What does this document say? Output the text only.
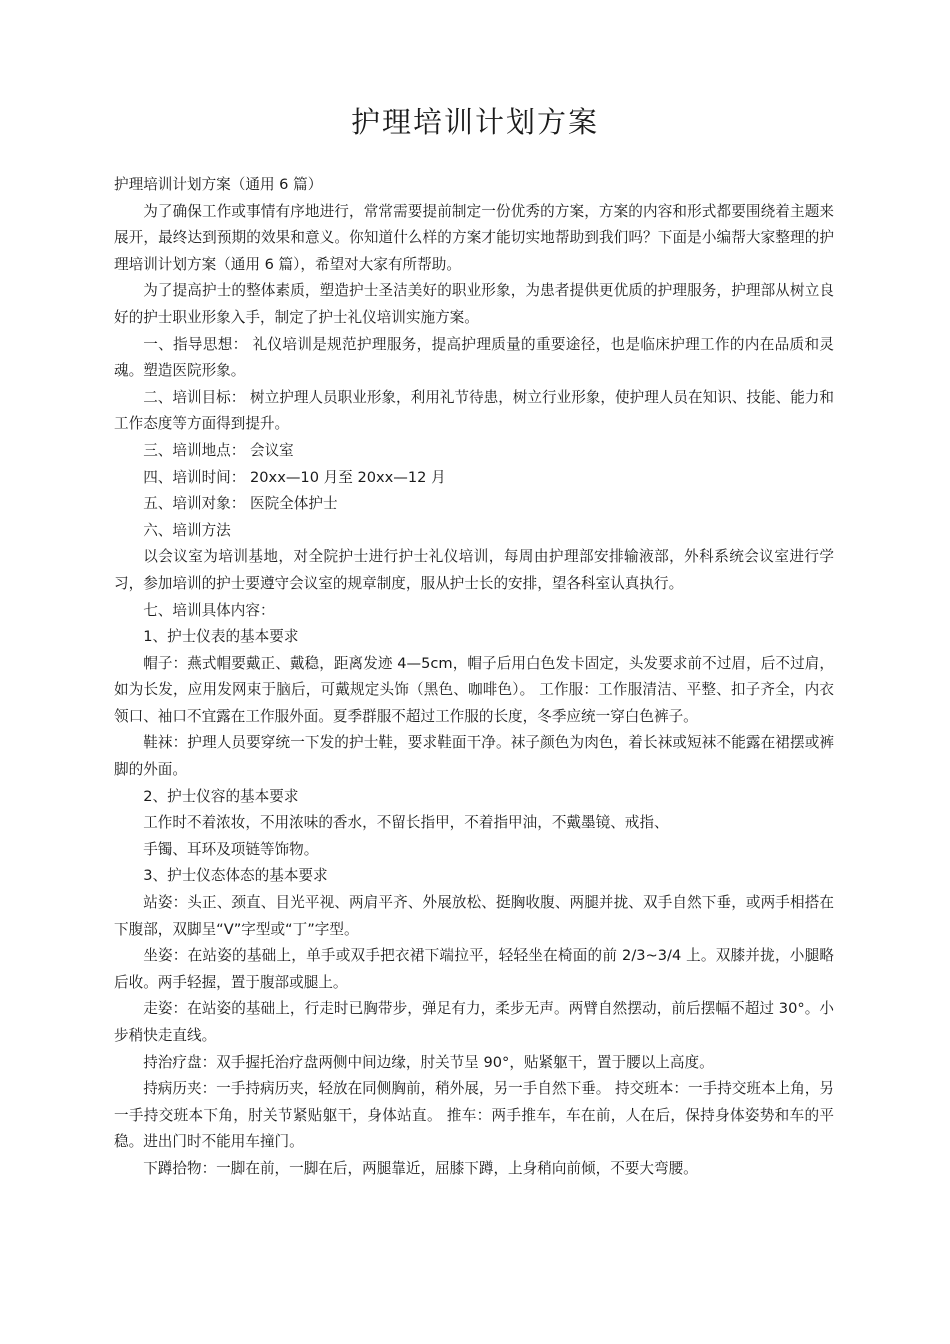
护理培训计划方案

护理培训计划方案（通用 6 篇）

为了确保工作或事情有序地进行，常常需要提前制定一份优秀的方案，方案的内容和形式都要围绕着主题来展开，最终达到预期的效果和意义。你知道什么样的方案才能切实地帮助到我们吗？下面是小编帮大家整理的护理培训计划方案（通用 6 篇），希望对大家有所帮助。

为了提高护士的整体素质，塑造护士圣洁美好的职业形象，为患者提供更优质的护理服务，护理部从树立良好的护士职业形象入手，制定了护士礼仪培训实施方案。

一、指导思想： 礼仪培训是规范护理服务，提高护理质量的重要途径，也是临床护理工作的内在品质和灵魂。塑造医院形象。

二、培训目标： 树立护理人员职业形象，利用礼节待患，树立行业形象，使护理人员在知识、技能、能力和工作态度等方面得到提升。

三、培训地点： 会议室

四、培训时间： 20xx—10 月至 20xx—12 月

五、培训对象： 医院全体护士

六、培训方法

以会议室为培训基地，对全院护士进行护士礼仪培训，每周由护理部安排输液部，外科系统会议室进行学习，参加培训的护士要遵守会议室的规章制度，服从护士长的安排，望各科室认真执行。

七、培训具体内容：

1、护士仪表的基本要求

帽子：燕式帽要戴正、戴稳，距离发迹 4—5cm，帽子后用白色发卡固定，头发要求前不过眉，后不过肩，如为长发，应用发网束于脑后，可戴规定头饰（黑色、咖啡色）。 工作服：工作服清洁、平整、扣子齐全，内衣领口、袖口不宜露在工作服外面。夏季群服不超过工作服的长度，冬季应统一穿白色裤子。

鞋袜：护理人员要穿统一下发的护士鞋，要求鞋面干净。袜子颜色为肉色，着长袜或短袜不能露在裙摆或裤脚的外面。

2、护士仪容的基本要求

工作时不着浓妆，不用浓味的香水，不留长指甲，不着指甲油，不戴墨镜、戒指、

手镯、耳环及项链等饰物。

3、护士仪态体态的基本要求

站姿：头正、颈直、目光平视、两肩平齐、外展放松、挺胸收腹、两腿并拢、双手自然下垂，或两手相搭在下腹部，双脚呈“V”字型或“丁”字型。

坐姿：在站姿的基础上，单手或双手把衣裙下端拉平，轻轻坐在椅面的前 2/3~3/4 上。双膝并拢，小腿略后收。两手轻握，置于腹部或腿上。

走姿：在站姿的基础上，行走时已胸带步，弹足有力，柔步无声。两臂自然摆动，前后摆幅不超过 30°。小步稍快走直线。

持治疗盘：双手握托治疗盘两侧中间边缘，肘关节呈 90°，贴紧躯干，置于腰以上高度。

持病历夹：一手持病历夹，轻放在同侧胸前，稍外展，另一手自然下垂。 持交班本：一手持交班本上角，另一手持交班本下角，肘关节紧贴躯干，身体站直。 推车：两手推车，车在前，人在后，保持身体姿势和车的平稳。进出门时不能用车撞门。

下蹲拾物：一脚在前，一脚在后，两腿靠近，屈膝下蹲，上身稍向前倾，不要大弯腰。
